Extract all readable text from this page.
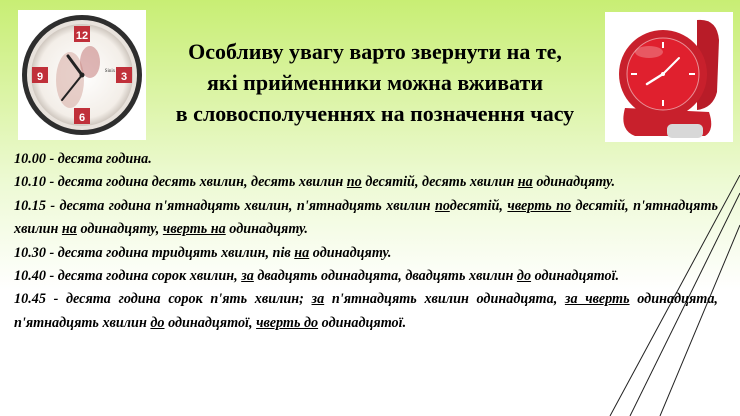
12
3
6
9	Sinix
Особливу увагу варто звернути на те,
які прийменники можна вживати
в словосполученнях на позначення часу

10.00 - десята година.

10.10 - десята година десять хвилин, десять хвилин по десятій, десять хвилин на одинадцяту.

10.15 - десята година п'ятнадцять хвилин, п'ятнадцять хвилин подесятій, чверть по десятій, п'ятнадцять хвилин на одинадцяту, чверть на одинадцяту.

10.30 - десята година тридцять хвилин, пів на одинадцяту.

10.40 - десята година сорок хвилин, за двадцять одинадцята, двадцять хвилин до одинадцятої.

10.45 - десята година сорок п'ять хвилин; за п'ятнадцять хвилин одинадцята, за чверть одинадцята, п'ятнадцять хвилин до одинадцятої, чверть до одинадцятої.
